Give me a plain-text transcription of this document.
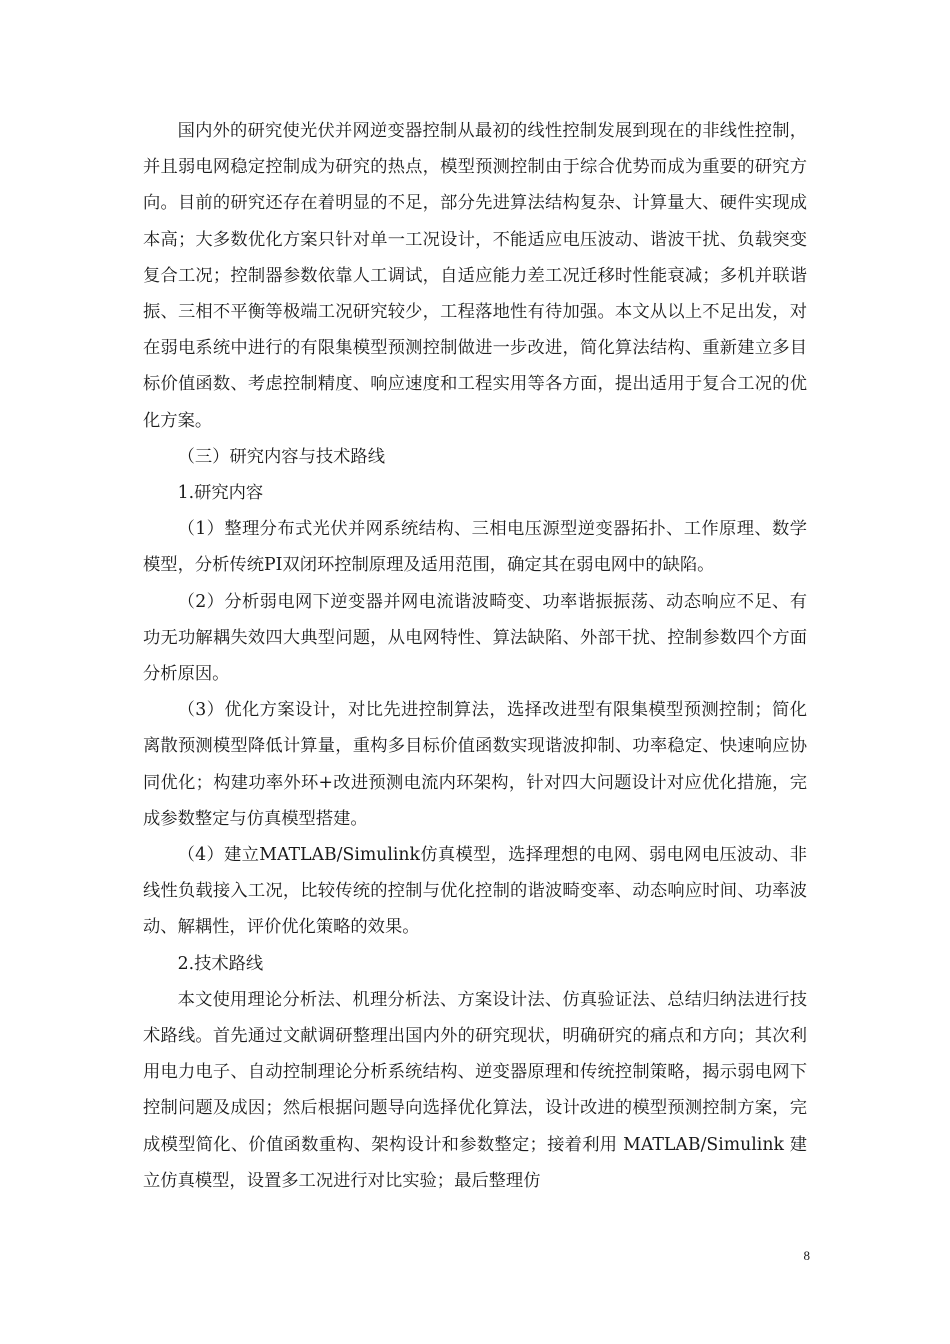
国内外的研究使光伏并网逆变器控制从最初的线性控制发展到现在的非线性控制，并且弱电网稳定控制成为研究的热点，模型预测控制由于综合优势而成为重要的研究方向。目前的研究还存在着明显的不足，部分先进算法结构复杂、计算量大、硬件实现成本高；大多数优化方案只针对单一工况设计，不能适应电压波动、谐波干扰、负载突变复合工况；控制器参数依靠人工调试，自适应能力差工况迁移时性能衰减；多机并联谐振、三相不平衡等极端工况研究较少，工程落地性有待加强。本文从以上不足出发，对在弱电系统中进行的有限集模型预测控制做进一步改进，简化算法结构、重新建立多目标价值函数、考虑控制精度、响应速度和工程实用等各方面，提出适用于复合工况的优化方案。

（三）研究内容与技术路线
1.研究内容

（1）整理分布式光伏并网系统结构、三相电压源型逆变器拓扑、工作原理、数学模型，分析传统PI双闭环控制原理及适用范围，确定其在弱电网中的缺陷。

（2）分析弱电网下逆变器并网电流谐波畸变、功率谐振振荡、动态响应不足、有功无功解耦失效四大典型问题，从电网特性、算法缺陷、外部干扰、控制参数四个方面分析原因。

（3）优化方案设计，对比先进控制算法，选择改进型有限集模型预测控制；简化离散预测模型降低计算量，重构多目标价值函数实现谐波抑制、功率稳定、快速响应协同优化；构建功率外环+改进预测电流内环架构，针对四大问题设计对应优化措施，完成参数整定与仿真模型搭建。

（4）建立MATLAB/Simulink仿真模型，选择理想的电网、弱电网电压波动、非线性负载接入工况，比较传统的控制与优化控制的谐波畸变率、动态响应时间、功率波动、解耦性，评价优化策略的效果。

2.技术路线

本文使用理论分析法、机理分析法、方案设计法、仿真验证法、总结归纳法进行技术路线。首先通过文献调研整理出国内外的研究现状，明确研究的痛点和方向；其次利用电力电子、自动控制理论分析系统结构、逆变器原理和传统控制策略，揭示弱电网下控制问题及成因；然后根据问题导向选择优化算法，设计改进的模型预测控制方案，完成模型简化、价值函数重构、架构设计和参数整定；接着利用 MATLAB/Simulink 建立仿真模型，设置多工况进行对比实验；最后整理仿

8
